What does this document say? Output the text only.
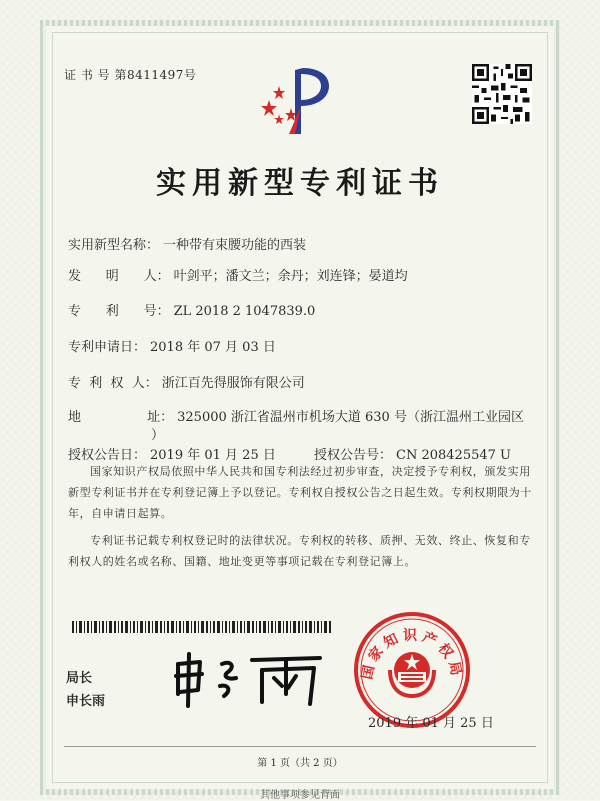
证 书 号 第8411497号
实用新型专利证书
实用新型名称： 一种带有束腰功能的西装
发      明      人： 叶剑平；潘文兰；余丹；刘连锋；晏道均
专      利      号： ZL 2018 2 1047839.0
专利申请日： 2018 年 07 月 03 日
专  利  权  人： 浙江百先得服饰有限公司
地                址： 325000 浙江省温州市机场大道 630 号（浙江温州工业园区
）
授权公告日： 2019 年 01 月 25 日	授权公告号： CN 208425547 U
国家知识产权局依照中华人民共和国专利法经过初步审查，决定授予专利权，颁发实用新型专利证书并在专利登记簿上予以登记。专利权自授权公告之日起生效。专利权期限为十年，自申请日起算。
专利证书记载专利权登记时的法律状况。专利权的转移、质押、无效、终止、恢复和专利权人的姓名或名称、国籍、地址变更等事项记载在专利登记簿上。
局长
申长雨
国家知识产权局
2019 年 01 月 25 日
第 1 页（共 2 页）
其他事项参见背面
